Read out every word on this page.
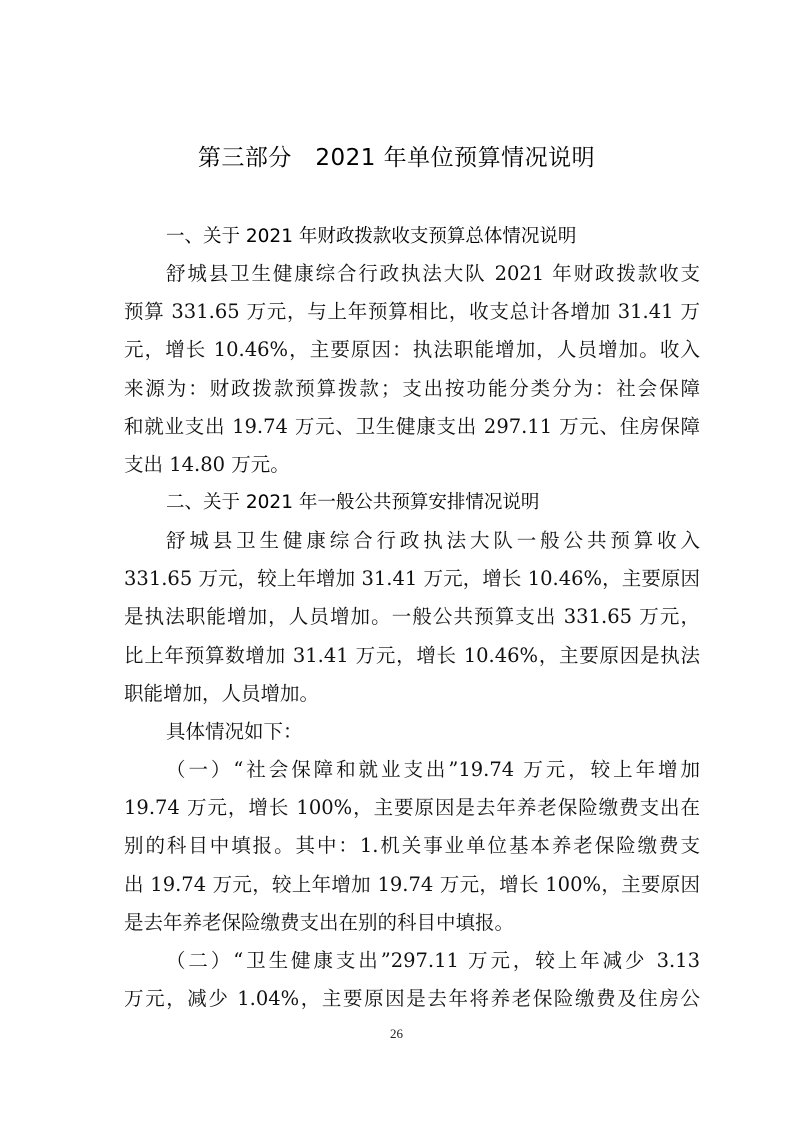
第三部分　2021 年单位预算情况说明
一、关于 2021 年财政拨款收支预算总体情况说明
舒城县卫生健康综合行政执法大队 2021 年财政拨款收支
预算 331.65 万元，与上年预算相比，收支总计各增加 31.41 万
元，增长 10.46%，主要原因：执法职能增加，人员增加。收入
来源为：财政拨款预算拨款；支出按功能分类分为：社会保障
和就业支出 19.74 万元、卫生健康支出 297.11 万元、住房保障
支出 14.80 万元。
二、关于 2021 年一般公共预算安排情况说明
舒城县卫生健康综合行政执法大队一般公共预算收入
331.65 万元，较上年增加 31.41 万元，增长 10.46%，主要原因
是执法职能增加，人员增加。一般公共预算支出 331.65 万元，
比上年预算数增加 31.41 万元，增长 10.46%，主要原因是执法
职能增加，人员增加。
具体情况如下：
（一）“社会保障和就业支出”19.74 万元，较上年增加
19.74 万元，增长 100%，主要原因是去年养老保险缴费支出在
别的科目中填报。其中：1.机关事业单位基本养老保险缴费支
出 19.74 万元，较上年增加 19.74 万元，增长 100%，主要原因
是去年养老保险缴费支出在别的科目中填报。
（二）“卫生健康支出”297.11 万元，较上年减少 3.13
万元，减少 1.04%，主要原因是去年将养老保险缴费及住房公
26
